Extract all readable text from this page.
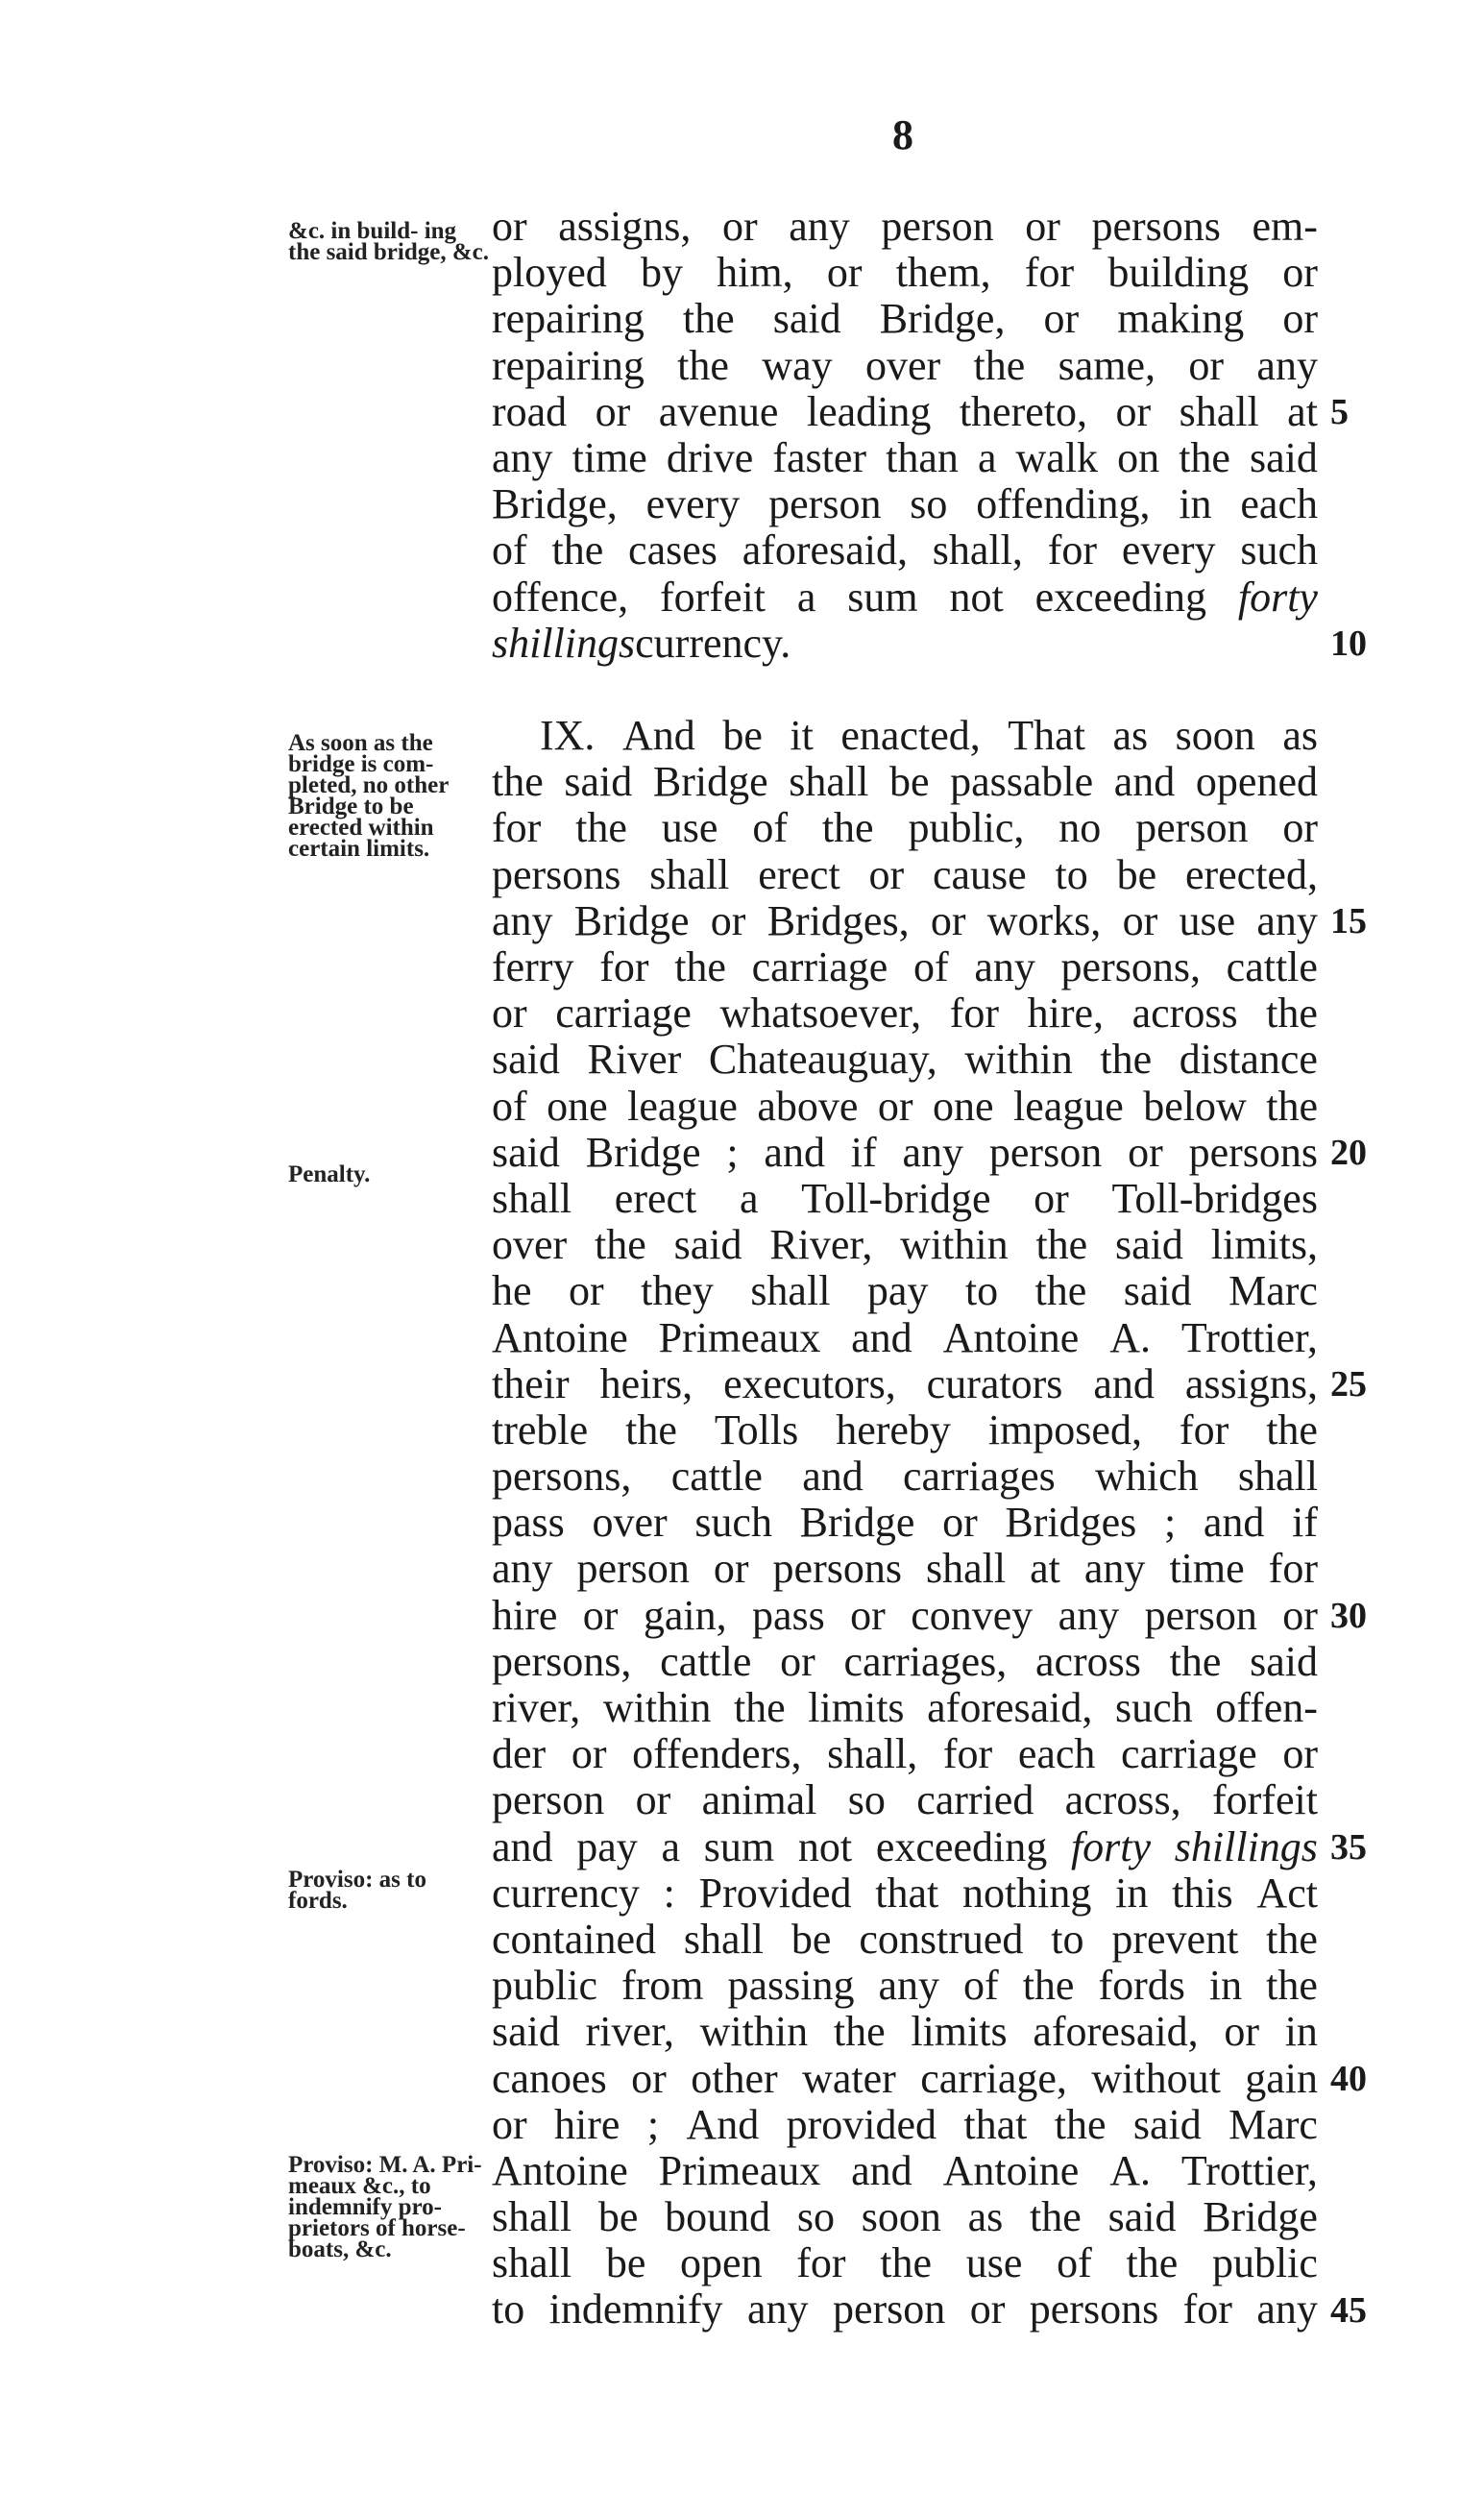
8
&c. in build- ing the said bridge, &c.
As soon as the bridge is com- pleted, no other Bridge to be erected within certain limits.
Penalty.
Proviso: as to fords.
Proviso: M. A. Pri- meaux &c., to indemnify pro- prietors of horse-boats, &c.
or assigns, or any person or persons em-
ployed by him, or them, for building or
repairing the said Bridge, or making or
repairing the way over the same, or any
road or avenue leading thereto, or shall at
any time drive faster than a walk on the said
Bridge, every person so offending, in each
of the cases aforesaid, shall, for every such
offence, forfeit a sum not exceeding forty
shillings currency.
IX. And be it enacted, That as soon as
the said Bridge shall be passable and opened
for the use of the public, no person or
persons shall erect or cause to be erected,
any Bridge or Bridges, or works, or use any
ferry for the carriage of any persons, cattle
or carriage whatsoever, for hire, across the
said River Chateauguay, within the distance
of one league above or one league below the
said Bridge ; and if any person or persons
shall erect a Toll-bridge or Toll-bridges
over the said River, within the said limits,
he or they shall pay to the said Marc
Antoine Primeaux and Antoine A. Trottier,
their heirs, executors, curators and assigns,
treble the Tolls hereby imposed, for the
persons, cattle and carriages which shall
pass over such Bridge or Bridges ; and if
any person or persons shall at any time for
hire or gain, pass or convey any person or
persons, cattle or carriages, across the said
river, within the limits aforesaid, such offen-
der or offenders, shall, for each carriage or
person or animal so carried across, forfeit
and pay a sum not exceeding forty shillings
currency : Provided that nothing in this Act
contained shall be construed to prevent the
public from passing any of the fords in the
said river, within the limits aforesaid, or in
canoes or other water carriage, without gain
or hire ; And provided that the said Marc
Antoine Primeaux and Antoine A. Trottier,
shall be bound so soon as the said Bridge
shall be open for the use of the public
to indemnify any person or persons for any
5
10
15
20
25
30
35
40
45
